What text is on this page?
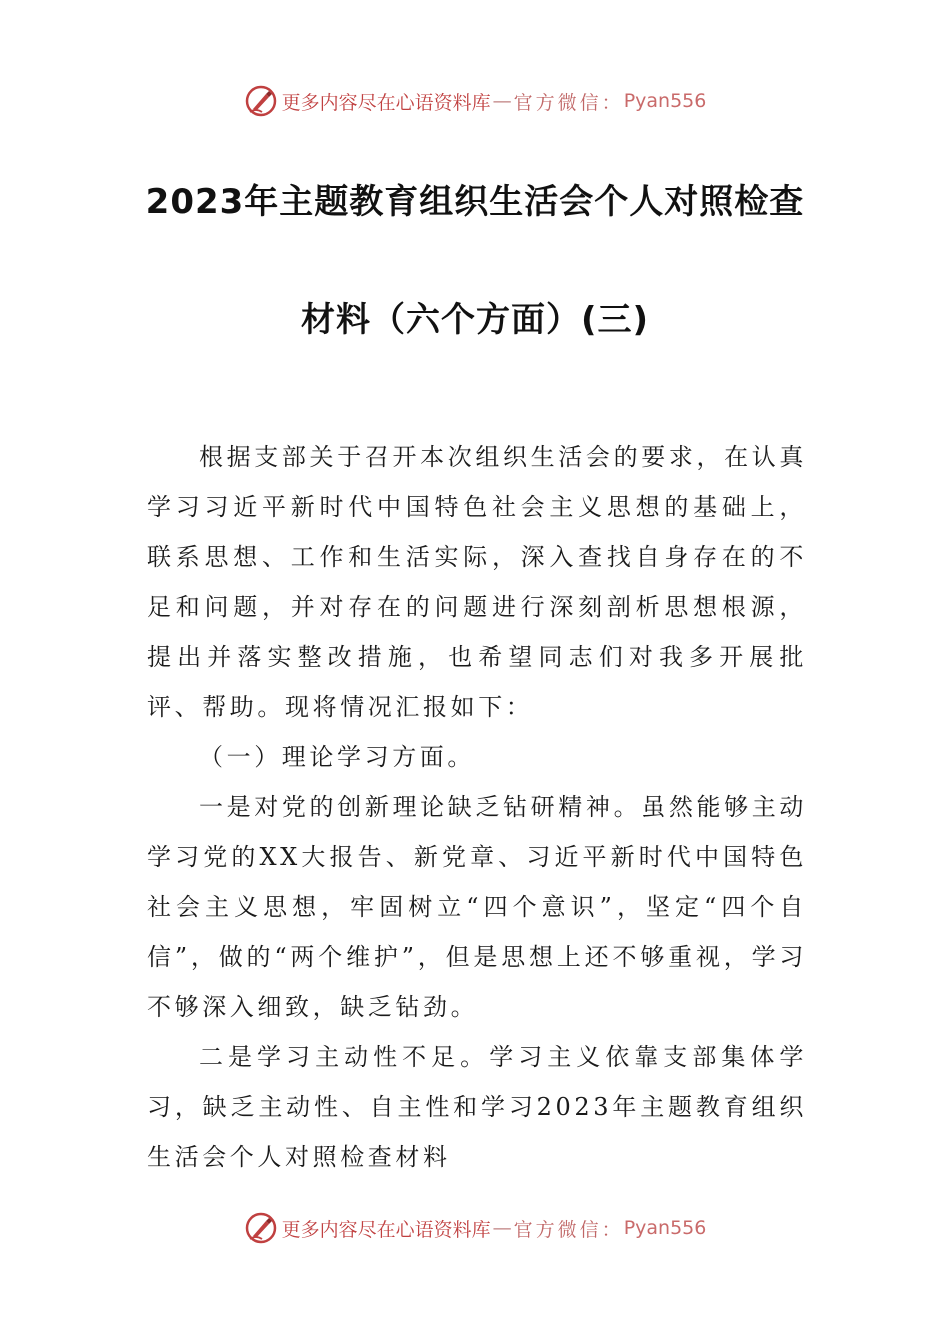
更多内容尽在心语资料库 — 官方微信： Pyan556
2023年主题教育组织生活会个人对照检查
材料（六个方面）(三)

根据支部关于召开本次组织生活会的要求，在认真学习习近平新时代中国特色社会主义思想的基础上，联系思想、工作和生活实际，深入查找自身存在的不足和问题，并对存在的问题进行深刻剖析思想根源，提出并落实整改措施，也希望同志们对我多开展批评、帮助。现将情况汇报如下：

（一）理论学习方面。

一是对党的创新理论缺乏钻研精神。虽然能够主动学习党的XX大报告、新党章、习近平新时代中国特色社会主义思想，牢固树立“四个意识”，坚定“四个自信”，做的“两个维护”，但是思想上还不够重视，学习不够深入细致，缺乏钻劲。

二是学习主动性不足。学习主义依靠支部集体学习，缺乏主动性、自主性和学习2023年主题教育组织生活会个人对照检查材料

更多内容尽在心语资料库 — 官方微信： Pyan556
